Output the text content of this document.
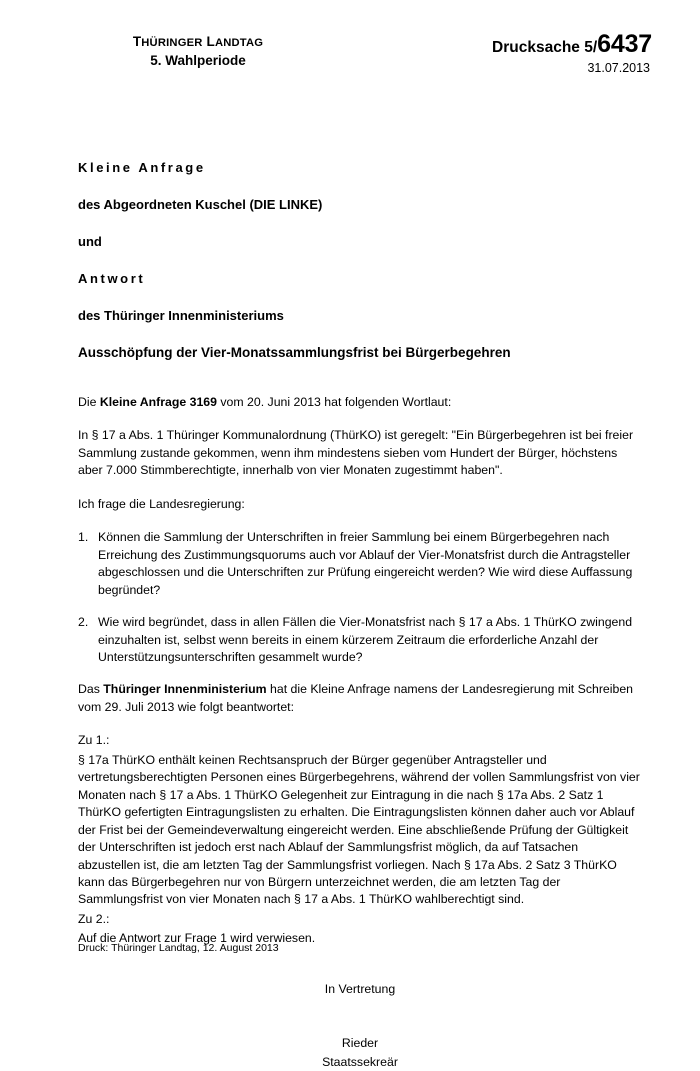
THÜRINGER LANDTAG
5. Wahlperiode
Drucksache 5/6437
31.07.2013
Kleine Anfrage
des Abgeordneten Kuschel (DIE LINKE)
und
Antwort
des Thüringer Innenministeriums
Ausschöpfung der Vier-Monatssammlungsfrist bei Bürgerbegehren

Die Kleine Anfrage 3169 vom 20. Juni 2013 hat folgenden Wortlaut:

In § 17 a Abs. 1 Thüringer Kommunalordnung (ThürKO) ist geregelt: "Ein Bürgerbegehren ist bei freier Sammlung zustande gekommen, wenn ihm mindestens sieben vom Hundert der Bürger, höchstens aber 7.000 Stimmberechtigte, innerhalb von vier Monaten zugestimmt haben".

Ich frage die Landesregierung:

1. Können die Sammlung der Unterschriften in freier Sammlung bei einem Bürgerbegehren nach Erreichung des Zustimmungsquorums auch vor Ablauf der Vier-Monatsfrist durch die Antragsteller abgeschlossen und die Unterschriften zur Prüfung eingereicht werden? Wie wird diese Auffassung begründet?
2. Wie wird begründet, dass in allen Fällen die Vier-Monatsfrist nach § 17 a Abs. 1 ThürKO zwingend einzuhalten ist, selbst wenn bereits in einem kürzerem Zeitraum die erforderliche Anzahl der Unterstützungsunterschriften gesammelt wurde?

Das Thüringer Innenministerium hat die Kleine Anfrage namens der Landesregierung mit Schreiben vom 29. Juli 2013 wie folgt beantwortet:

Zu 1.:

§ 17a ThürKO enthält keinen Rechtsanspruch der Bürger gegenüber Antragsteller und vertretungsberechtigten Personen eines Bürgerbegehrens, während der vollen Sammlungsfrist von vier Monaten nach § 17 a Abs. 1 ThürKO Gelegenheit zur Eintragung in die nach § 17a Abs. 2 Satz 1 ThürKO gefertigten Eintragungslisten zu erhalten. Die Eintragungslisten können daher auch vor Ablauf der Frist bei der Gemeindeverwaltung eingereicht werden. Eine abschließende Prüfung der Gültigkeit der Unterschriften ist jedoch erst nach Ablauf der Sammlungsfrist möglich, da auf Tatsachen abzustellen ist, die am letzten Tag der Sammlungsfrist vorliegen. Nach § 17a Abs. 2 Satz 3 ThürKO kann das Bürgerbegehren nur von Bürgern unterzeichnet werden, die am letzten Tag der Sammlungsfrist von vier Monaten nach § 17 a Abs. 1 ThürKO wahlberechtigt sind.

Zu 2.:

Auf die Antwort zur Frage 1 wird verwiesen.

In Vertretung
Rieder
Staatssekreär
Druck: Thüringer Landtag, 12. August 2013
